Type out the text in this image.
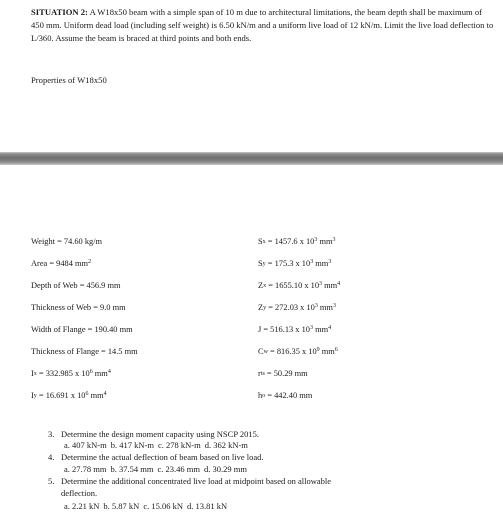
SITUATION 2: A W18x50 beam with a simple span of 10 m due to architectural limitations, the beam depth shall be maximum of 450 mm. Uniform dead load (including self weight) is 6.50 kN/m and a uniform live load of 12 kN/m. Limit the live load deflection to L/360. Assume the beam is braced at third points and both ends.
Properties of W18x50
Weight = 74.60 kg/m
Area = 9484 $mm^2$
Depth of Web = 456.9 mm
Thickness of Web = 9.0 mm
Width of Flange = 190.40 mm
Thickness of Flange = 14.5 mm
$I_x = 332.985$ x $10^6$ $mm^4$
$I_y = 16.691$ x $10^6$ $mm^4$
$S_x = 1457.6$ x $10^3$ $mm^3$
$S_y = 175.3$ x $10^3$ $mm^3$
$Z_x = 1655.10$ x $10^3$ $mm^4$
$Z_y = 272.03$ x $10^3$ $mm^3$
J = 516.13 x $10^3$ $mm^4$
$C_w = 816.35$ x $10^9$ $mm^6$
$r_{ts} = 50.29$ mm
$h_o = 442.40$ mm
3. Determine the design moment capacity using NSCP 2015.
a. 407 kN-m b. 417 kN-m c. 278 kN-m d. 362 kN-m
4. Determine the actual deflection of beam based on live load.
a. 27.78 mm b. 37.54 mm c. 23.46 mm d. 30.29 mm
5. Determine the additional concentrated live load at midpoint based on allowable
deflection.
a. 2.21 kN b. 5.87 kN c. 15.06 kN d. 13.81 kN
